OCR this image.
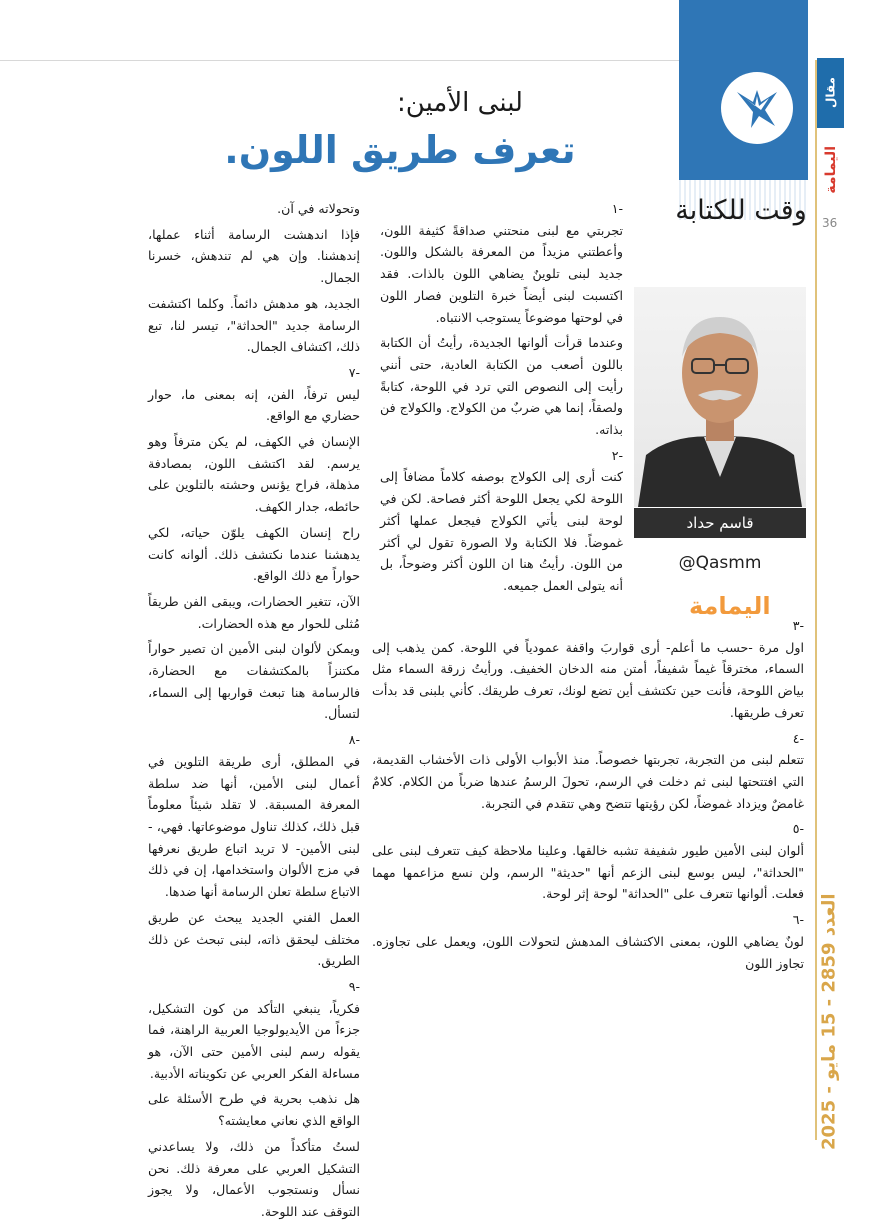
مقال
اليمامة
36
العدد 2859 - 15 مايو - 2025
وقت للكتابة
قاسم حداد
@Qasmm
اليمامة
لبنى الأمين:
تعرف طريق اللون.

-١

تجربتي مع لبنى منحتني صداقةً كثيفة اللون، وأعطتني مزيداً من المعرفة بالشكل واللون. جديد لبنى تلوينٌ يضاهي اللون بالذات. فقد اكتسبت لبنى أيضاً خبرة التلوين فصار اللون في لوحتها موضوعاً يستوجب الانتباه.

وعندما قرأت ألوانها الجديدة، رأيتُ أن الكتابة باللون أصعب من الكتابة العادية، حتى أنني رأيت إلى النصوص التي ترد في اللوحة، كتابةً ولصقاً، إنما هي ضربٌ من الكولاج. والكولاج فن بذاته.

-٢

كنت أرى إلى الكولاج بوصفه كلاماً مضافاً إلى اللوحة لكي يجعل اللوحة أكثر فصاحة. لكن في لوحة لبنى يأتي الكولاج فيجعل عملها أكثر غموضاً. فلا الكتابة ولا الصورة تقول لي أكثر من اللون. رأيتُ هنا ان اللون أكثر وضوحاً، بل أنه يتولى العمل جميعه.

-٣

اول مرة -حسب ما أعلم- أرى قواربَ واقفة عمودياً في اللوحة. كمن يذهب إلى السماء، مخترقاً غيماً شفيفاً، أمتن منه الدخان الخفيف. ورأيتُ زرقة السماء مثل بياض اللوحة، فأنت حين تكتشف أين تضع لونك، تعرف طريقك. كأني بلبنى قد بدأت تعرف طريقها.

-٤

تتعلم لبنى من التجربة، تجربتها خصوصاً. منذ الأبواب الأولى ذات الأخشاب القديمة، التي افتتحتها لبنى ثم دخلت في الرسم، تحولَ الرسمُ عندها ضرباً من الكلام. كلامٌ غامضٌ ويزداد غموضاً، لكن رؤيتها تتضح وهي تتقدم في التجربة.

-٥

ألوان لبنى الأمين طيور شفيفة تشبه خالقها. وعلينا ملاحظة كيف تتعرف لبنى على "الحداثة"، ليس بوسع لبنى الزعم أنها "حديثة" الرسم، ولن نسع مزاعمها مهما فعلت. ألوانها تتعرف على "الحداثة" لوحة إثر لوحة.

-٦

لونٌ يضاهي اللون، بمعنى الاكتشاف المدهش لتحولات اللون، ويعمل على تجاوزه. تجاوز اللون

وتحولاته في آن.

فإذا اندهشت الرسامة أثناء عملها، إندهشنا. وإن هي لم تندهش، خسرنا الجمال.

الجديد، هو مدهش دائماً. وكلما اكتشفت الرسامة جديد "الحداثة"، تيسر لنا، تبع ذلك، اكتشاف الجمال.

-٧

ليس ترفاً، الفن، إنه بمعنى ما، حوار حضاري مع الواقع.

الإنسان في الكهف، لم يكن مترفاً وهو يرسم. لقد اكتشف اللون، بمصادفة مذهلة، فراح يؤنس وحشته بالتلوين على حائطه، جدار الكهف.

راح إنسان الكهف يلوّن حياته، لكي يدهشنا عندما نكتشف ذلك. ألوانه كانت حواراً مع ذلك الواقع.

الآن، تتغير الحضارات، ويبقى الفن طريقاً مُثلى للحوار مع هذه الحضارات.

ويمكن لألوان لبنى الأمين ان تصير حواراً مكتنزاً بالمكتشفات مع الحضارة، فالرسامة هنا تبعث قواربها إلى السماء، لتسأل.

-٨

في المطلق، أرى طريقة التلوين في أعمال لبنى الأمين، أنها ضد سلطة المعرفة المسبقة. لا تقلد شيئاً معلوماً قبل ذلك، كذلك تناول موضوعاتها. فهي، - لبنى الأمين- لا تريد اتباع طريق نعرفها في مزج الألوان واستخدامها، إن في ذلك الاتباع سلطة تعلن الرسامة أنها ضدها.

العمل الفني الجديد يبحث عن طريق مختلف ليحقق ذاته، لبنى تبحث عن ذلك الطريق.

-٩

فكرياً، ينبغي التأكد من كون التشكيل، جزءاً من الأيديولوجيا العربية الراهنة، فما يقوله رسم لبنى الأمين حتى الآن، هو مساءلة الفكر العربي عن تكويناته الأدبية.

هل نذهب بحرية في طرح الأسئلة على الواقع الذي نعاني معايشته؟

لستُ متأكداً من ذلك، ولا يساعدني التشكيل العربي على معرفة ذلك. نحن نسأل ونستجوب الأعمال، ولا يجوز التوقف عند اللوحة.
